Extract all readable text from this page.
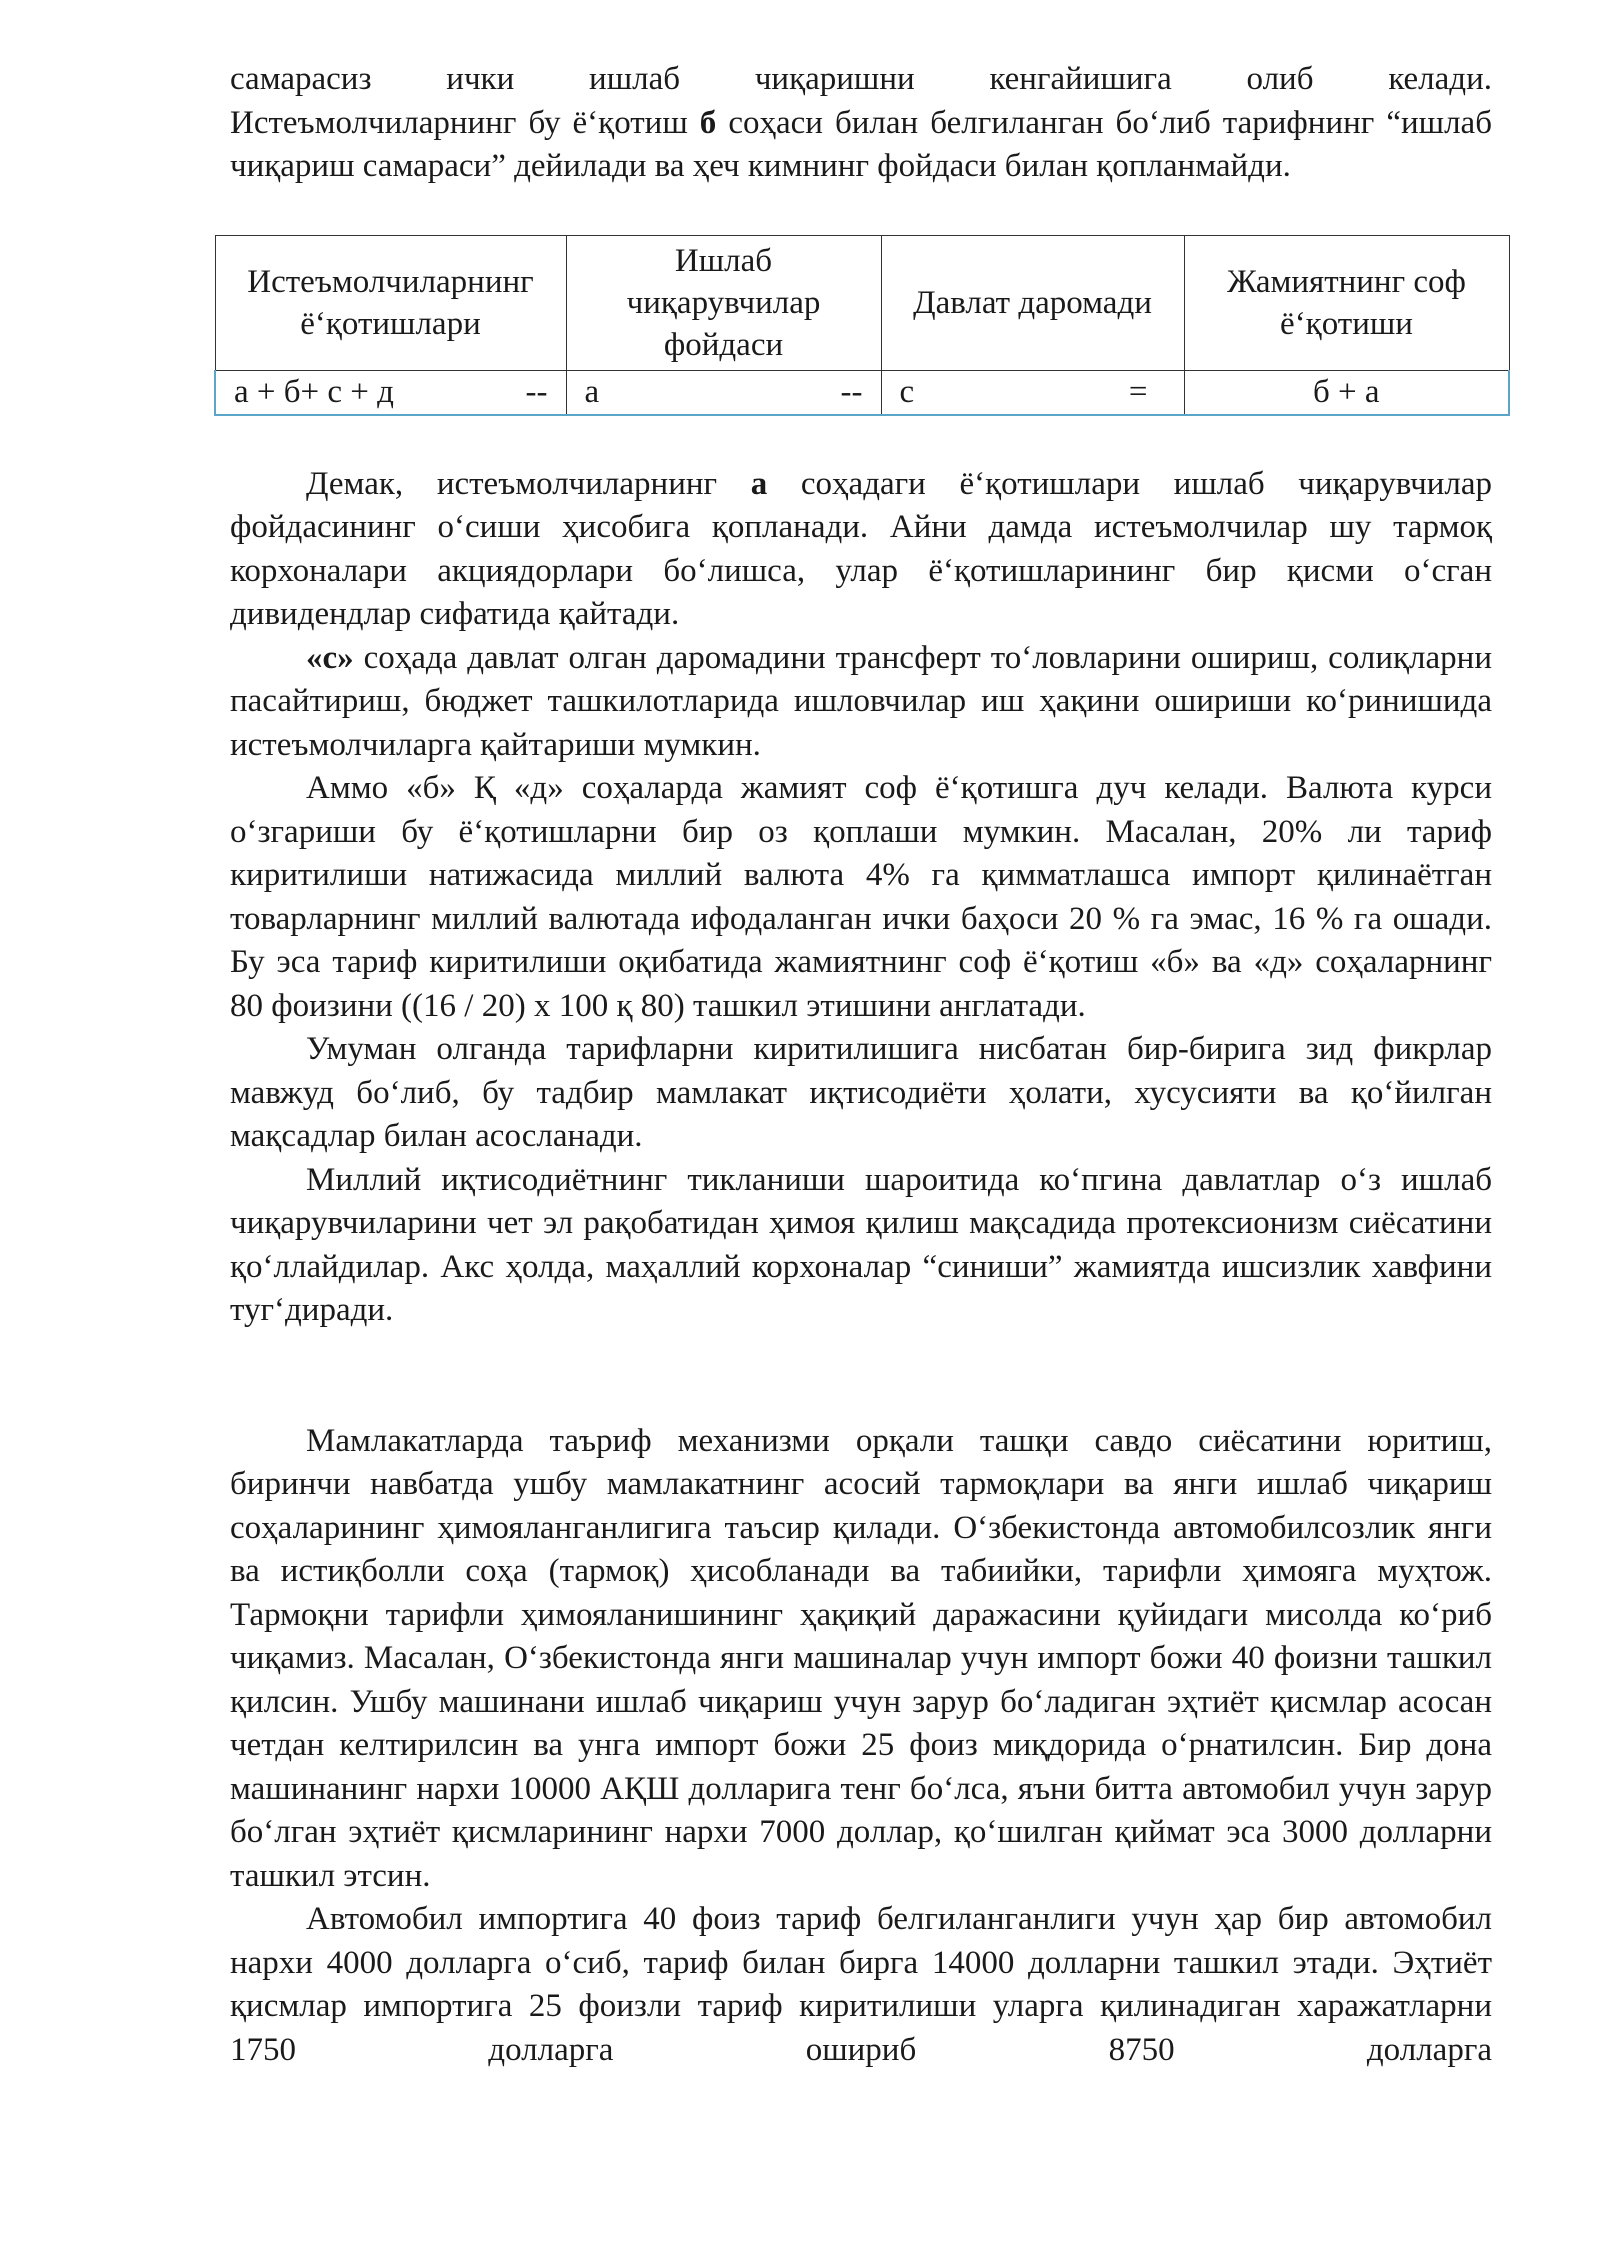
самарасиз ички ишлаб чиқаришни кенгайишига олиб келади.

Истеъмолчиларнинг бу ёʻқотиш б соҳаси билан белгиланган боʻлиб тарифнинг “ишлаб чиқариш самараси” дейилади ва ҳеч кимнинг фойдаси билан қопланмайди.

Истеъмолчиларнинг ёʻқотишлари	Ишлаб чиқарувчилар фойдаси	Давлат даромади	Жамиятнинг соф ёʻқотиши

а + б+ с + д --	а --	с =	б + а

Демак, истеъмолчиларнинг а соҳадаги ёʻқотишлари ишлаб чиқарувчилар фойдасининг оʻсиши ҳисобига қопланади. Айни дамда истеъмолчилар шу тармоқ корхоналари акциядорлари боʻлишса, улар ёʻқотишларининг бир қисми оʻсган дивидендлар сифатида қайтади.

«с» соҳада давлат олган даромадини трансферт тоʻловларини ошириш, солиқларни пасайтириш, бюджет ташкилотларида ишловчилар иш ҳақини ошириши коʻринишида истеъмолчиларга қайтариши мумкин.

Аммо «б» Қ «д» соҳаларда жамият соф ёʻқотишга дуч келади. Валюта курси оʻзгариши бу ёʻқотишларни бир оз қоплаши мумкин. Масалан, 20% ли тариф киритилиши натижасида миллий валюта 4% га қимматлашса импорт қилинаётган товарларнинг миллий валютада ифодаланган ички баҳоси 20 % га эмас, 16 % га ошади. Бу эса тариф киритилиши оқибатида жамиятнинг соф ёʻқотиш «б» ва «д» соҳаларнинг 80 фоизини ((16 / 20) х 100 қ 80) ташкил этишини англатади.

Умуман олганда тарифларни киритилишига нисбатан бир-бирига зид фикрлар мавжуд боʻлиб, бу тадбир мамлакат иқтисодиёти ҳолати, хусусияти ва қоʻйилган мақсадлар билан асосланади.

Миллий иқтисодиётнинг тикланиши шароитида коʻпгина давлатлар оʻз ишлаб чиқарувчиларини чет эл рақобатидан ҳимоя қилиш мақсадида протексионизм сиёсатини қоʻллайдилар. Акс ҳолда, маҳаллий корхоналар “синиши” жамиятда ишсизлик хавфини тугʻдиради.

Мамлакатларда таъриф механизми орқали ташқи савдо сиёсатини юритиш, биринчи навбатда ушбу мамлакатнинг асосий тармоқлари ва янги ишлаб чиқариш соҳаларининг ҳимояланганлигига таъсир қилади. Оʻзбекистонда автомобилсозлик янги ва истиқболли соҳа (тармоқ) ҳисобланади ва табиийки, тарифли ҳимояга муҳтож. Тармоқни тарифли ҳимояланишининг ҳақиқий даражасини қуйидаги мисолда коʻриб чиқамиз. Масалан, Оʻзбекистонда янги машиналар учун импорт божи 40 фоизни ташкил қилсин. Ушбу машинани ишлаб чиқариш учун зарур боʻладиган эҳтиёт қисмлар асосан четдан келтирилсин ва унга импорт божи 25 фоиз миқдорида оʻрнатилсин. Бир дона машинанинг нархи 10000 АҚШ долларига тенг боʻлса, яъни битта автомобил учун зарур боʻлган эҳтиёт қисмларининг нархи 7000 доллар, қоʻшилган қиймат эса 3000 долларни ташкил этсин.

Автомобил импортига 40 фоиз тариф белгиланганлиги учун ҳар бир автомобил нархи 4000 долларга оʻсиб, тариф билан бирга 14000 долларни ташкил этади. Эҳтиёт қисмлар импортига 25 фоизли тариф киритилиши уларга қилинадиган харажатларни 1750 долларга ошириб 8750 долларга
